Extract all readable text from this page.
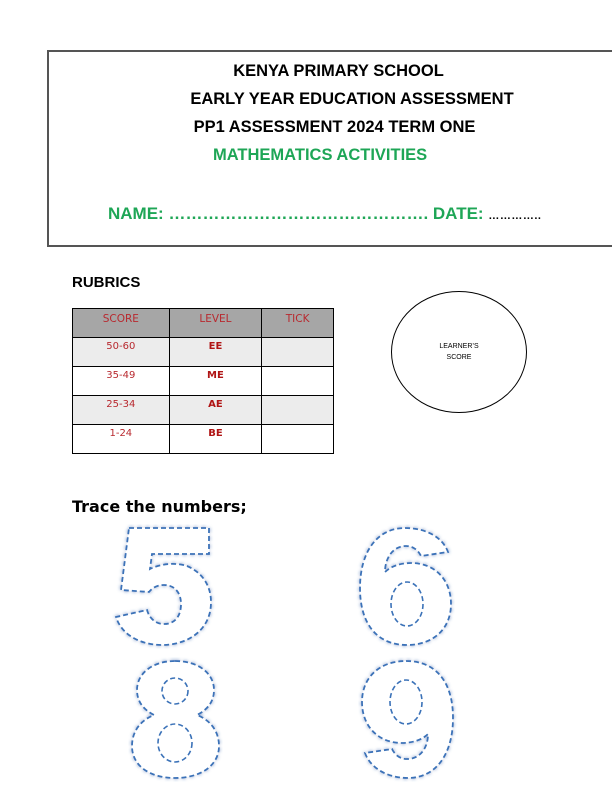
KENYA PRIMARY SCHOOL
EARLY YEAR EDUCATION ASSESSMENT
PP1 ASSESSMENT 2024 TERM ONE
MATHEMATICS ACTIVITIES
NAME: ………………………………………. DATE: …………..
RUBRICS
SCORE	LEVEL	TICK
50-60	EE	
35-49	ME	
25-34	AE	
1-24	BE	
LEARNER’S
SCORE
Trace the numbers;
